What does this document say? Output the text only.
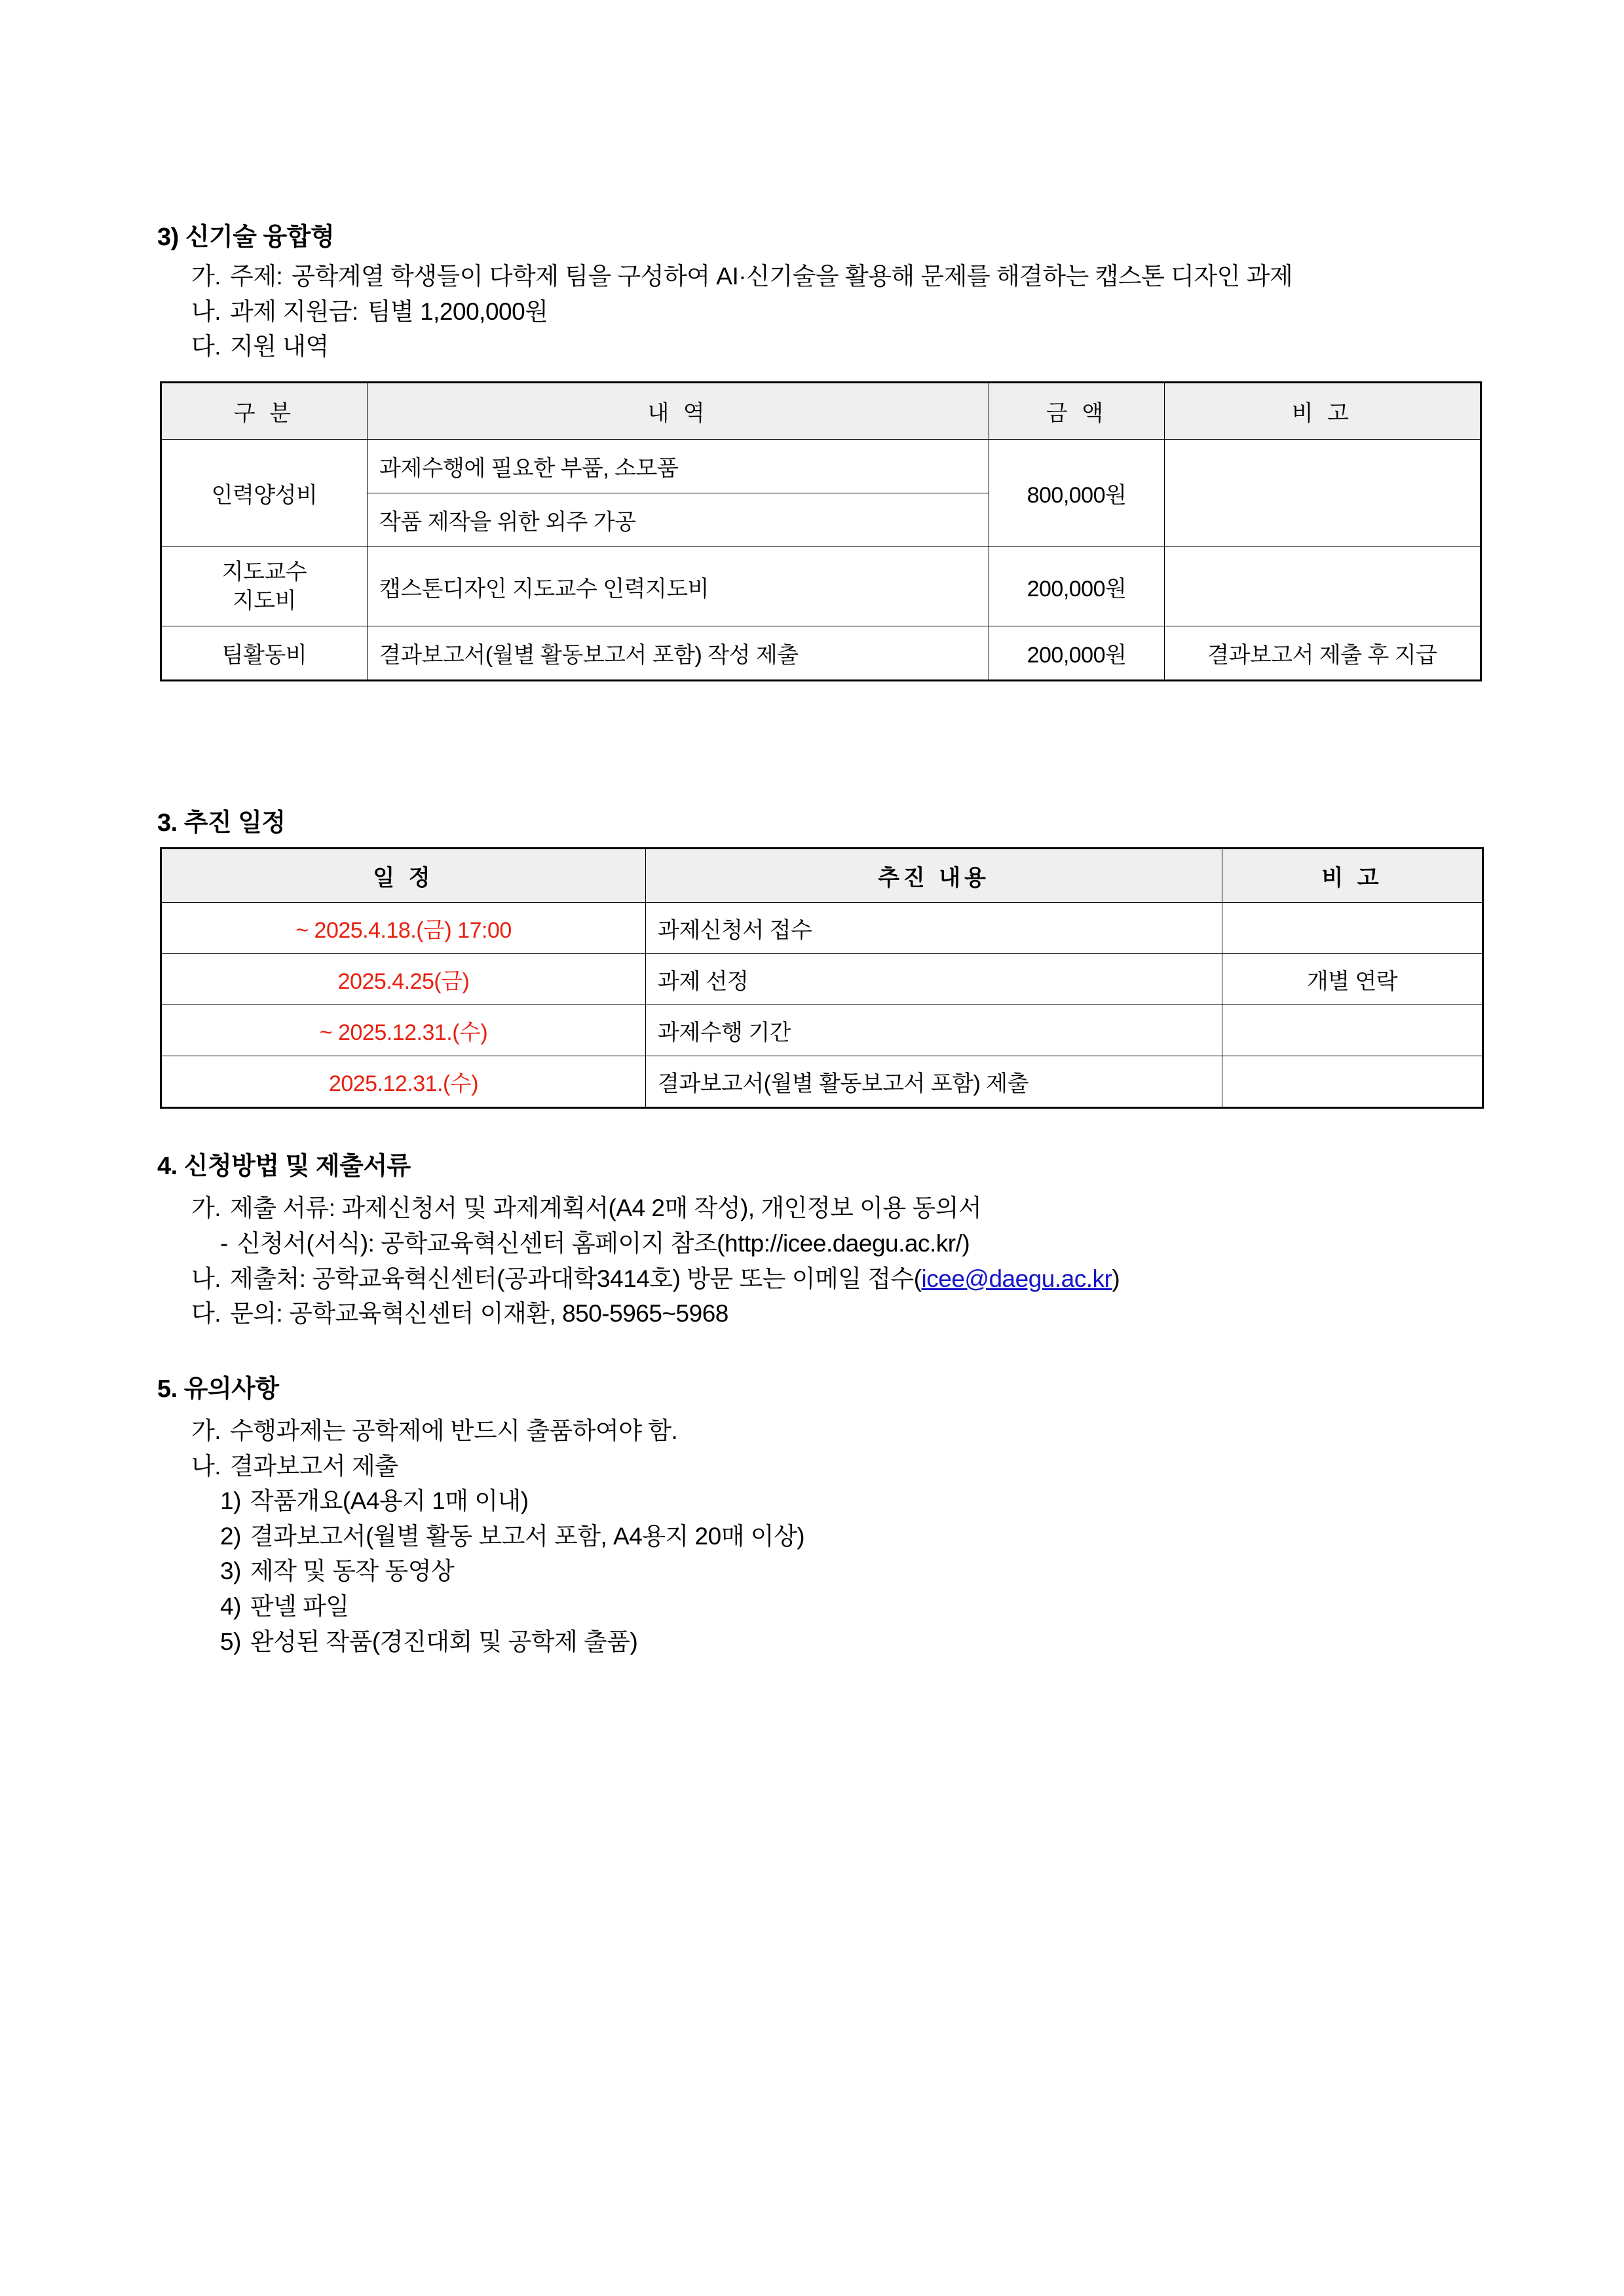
3) 신기술 융합형

가. 주제: 공학계열 학생들이 다학제 팀을 구성하여 AI·신기술을 활용해 문제를 해결하는 캡스톤 디자인 과제
나. 과제 지원금: 팀별 1,200,000원
다. 지원 내역
구 분	내 역	금 액	비 고
인력양성비	과제수행에 필요한 부품, 소모품	800,000원	
	작품 제작을 위한 외주 가공		
지도교수
지도비	캡스톤디자인 지도교수 인력지도비	200,000원	
팀활동비	결과보고서(월별 활동보고서 포함) 작성 제출	200,000원	결과보고서 제출 후 지급

3. 추진 일정

일 정	추진 내용	비 고
~ 2025.4.18.(금) 17:00	과제신청서 접수	
2025.4.25(금)	과제 선정	개별 연락
~ 2025.12.31.(수)	과제수행 기간	
2025.12.31.(수)	결과보고서(월별 활동보고서 포함) 제출	

4. 신청방법 및 제출서류

가. 제출 서류: 과제신청서 및 과제계획서(A4 2매 작성), 개인정보 이용 동의서
- 신청서(서식): 공학교육혁신센터 홈페이지 참조(http://icee.daegu.ac.kr/)
나. 제출처: 공학교육혁신센터(공과대학3414호) 방문 또는 이메일 접수(icee@daegu.ac.kr)
다. 문의: 공학교육혁신센터 이재환, 850-5965~5968

5. 유의사항

가. 수행과제는 공학제에 반드시 출품하여야 함.
나. 결과보고서 제출
1) 작품개요(A4용지 1매 이내)
2) 결과보고서(월별 활동 보고서 포함, A4용지 20매 이상)
3) 제작 및 동작 동영상
4) 판넬 파일
5) 완성된 작품(경진대회 및 공학제 출품)
